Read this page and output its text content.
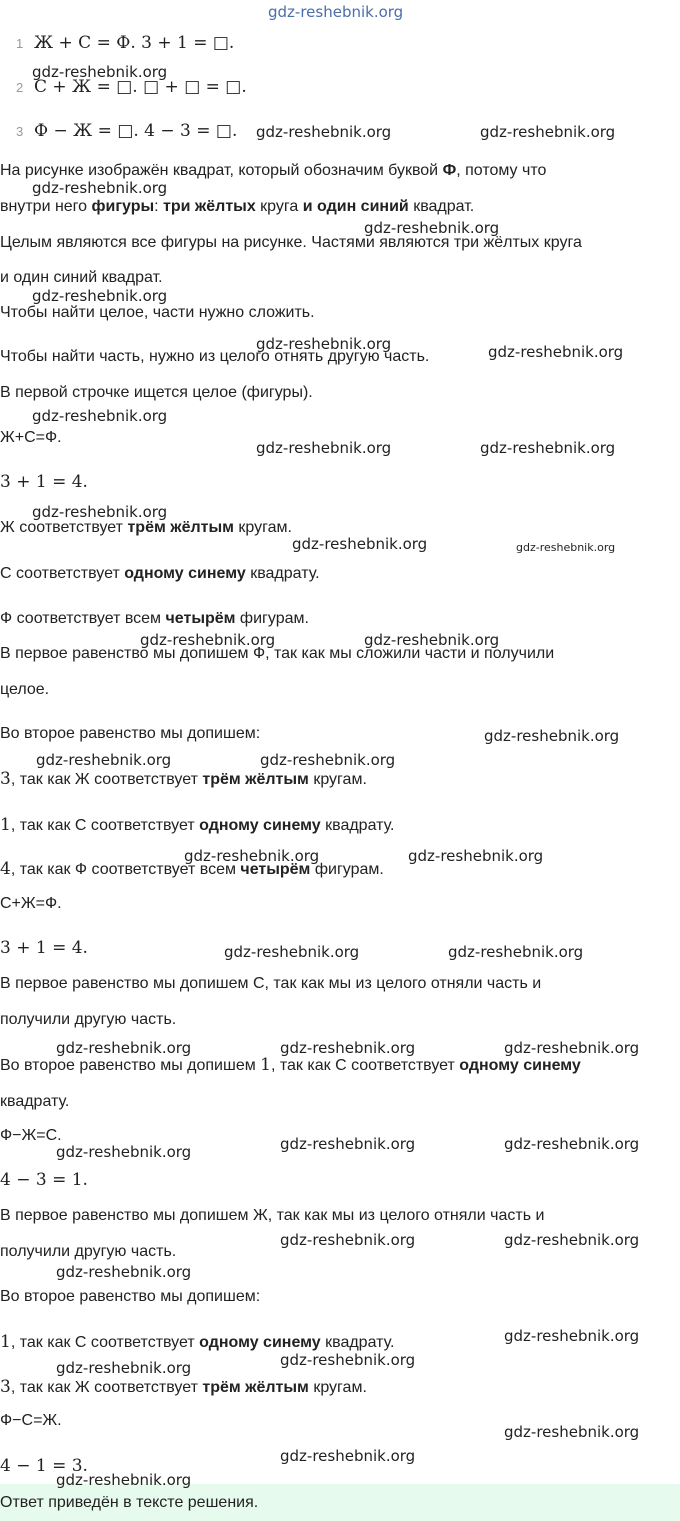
1 Ж + С = Ф. 3 + 1 = □.
2 С + Ж = □. □ + □ = □.
3 Ф − Ж = □. 4 − 3 = □.
На рисунке изображён квадрат, который обозначим буквой Ф, потому что
внутри него фигуры: три жёлтых круга и один синий квадрат.
Целым являются все фигуры на рисунке. Частями являются три жёлтых круга
и один синий квадрат.
Чтобы найти целое, части нужно сложить.
Чтобы найти часть, нужно из целого отнять другую часть.
В первой строчке ищется целое (фигуры).
Ж+С=Ф.
3 + 1 = 4.
Ж соответствует трём жёлтым кругам.
С соответствует одному синему квадрату.
Ф соответствует всем четырём фигурам.
В первое равенство мы допишем Ф, так как мы сложили части и получили
целое.
Во второе равенство мы допишем:
3, так как Ж соответствует трём жёлтым кругам.
1, так как С соответствует одному синему квадрату.
4, так как Ф соответствует всем четырём фигурам.
С+Ж=Ф.
3 + 1 = 4.
В первое равенство мы допишем С, так как мы из целого отняли часть и
получили другую часть.
Во второе равенство мы допишем 1, так как С соответствует одному синему
квадрату.
Ф−Ж=С.
4 − 3 = 1.
В первое равенство мы допишем Ж, так как мы из целого отняли часть и
получили другую часть.
Во второе равенство мы допишем:
1, так как С соответствует одному синему квадрату.
3, так как Ж соответствует трём жёлтым кругам.
Ф−С=Ж.
4 − 1 = 3.
Ответ приведён в тексте решения.
gdz-reshebnik.org
gdz-reshebnik.org
gdz-reshebnik.org	gdz-reshebnik.org
gdz-reshebnik.org
gdz-reshebnik.org
gdz-reshebnik.org
gdz-reshebnik.org	gdz-reshebnik.org
gdz-reshebnik.org
gdz-reshebnik.org	gdz-reshebnik.org
gdz-reshebnik.org
gdz-reshebnik.org	gdz-reshebnik.org
gdz-reshebnik.org	gdz-reshebnik.org
gdz-reshebnik.org
gdz-reshebnik.org	gdz-reshebnik.org
gdz-reshebnik.org	gdz-reshebnik.org
gdz-reshebnik.org	gdz-reshebnik.org
gdz-reshebnik.org	gdz-reshebnik.org	gdz-reshebnik.org
gdz-reshebnik.org	gdz-reshebnik.org
gdz-reshebnik.org
gdz-reshebnik.org	gdz-reshebnik.org
gdz-reshebnik.org
gdz-reshebnik.org
gdz-reshebnik.org
gdz-reshebnik.org
gdz-reshebnik.org
gdz-reshebnik.org
gdz-reshebnik.org
